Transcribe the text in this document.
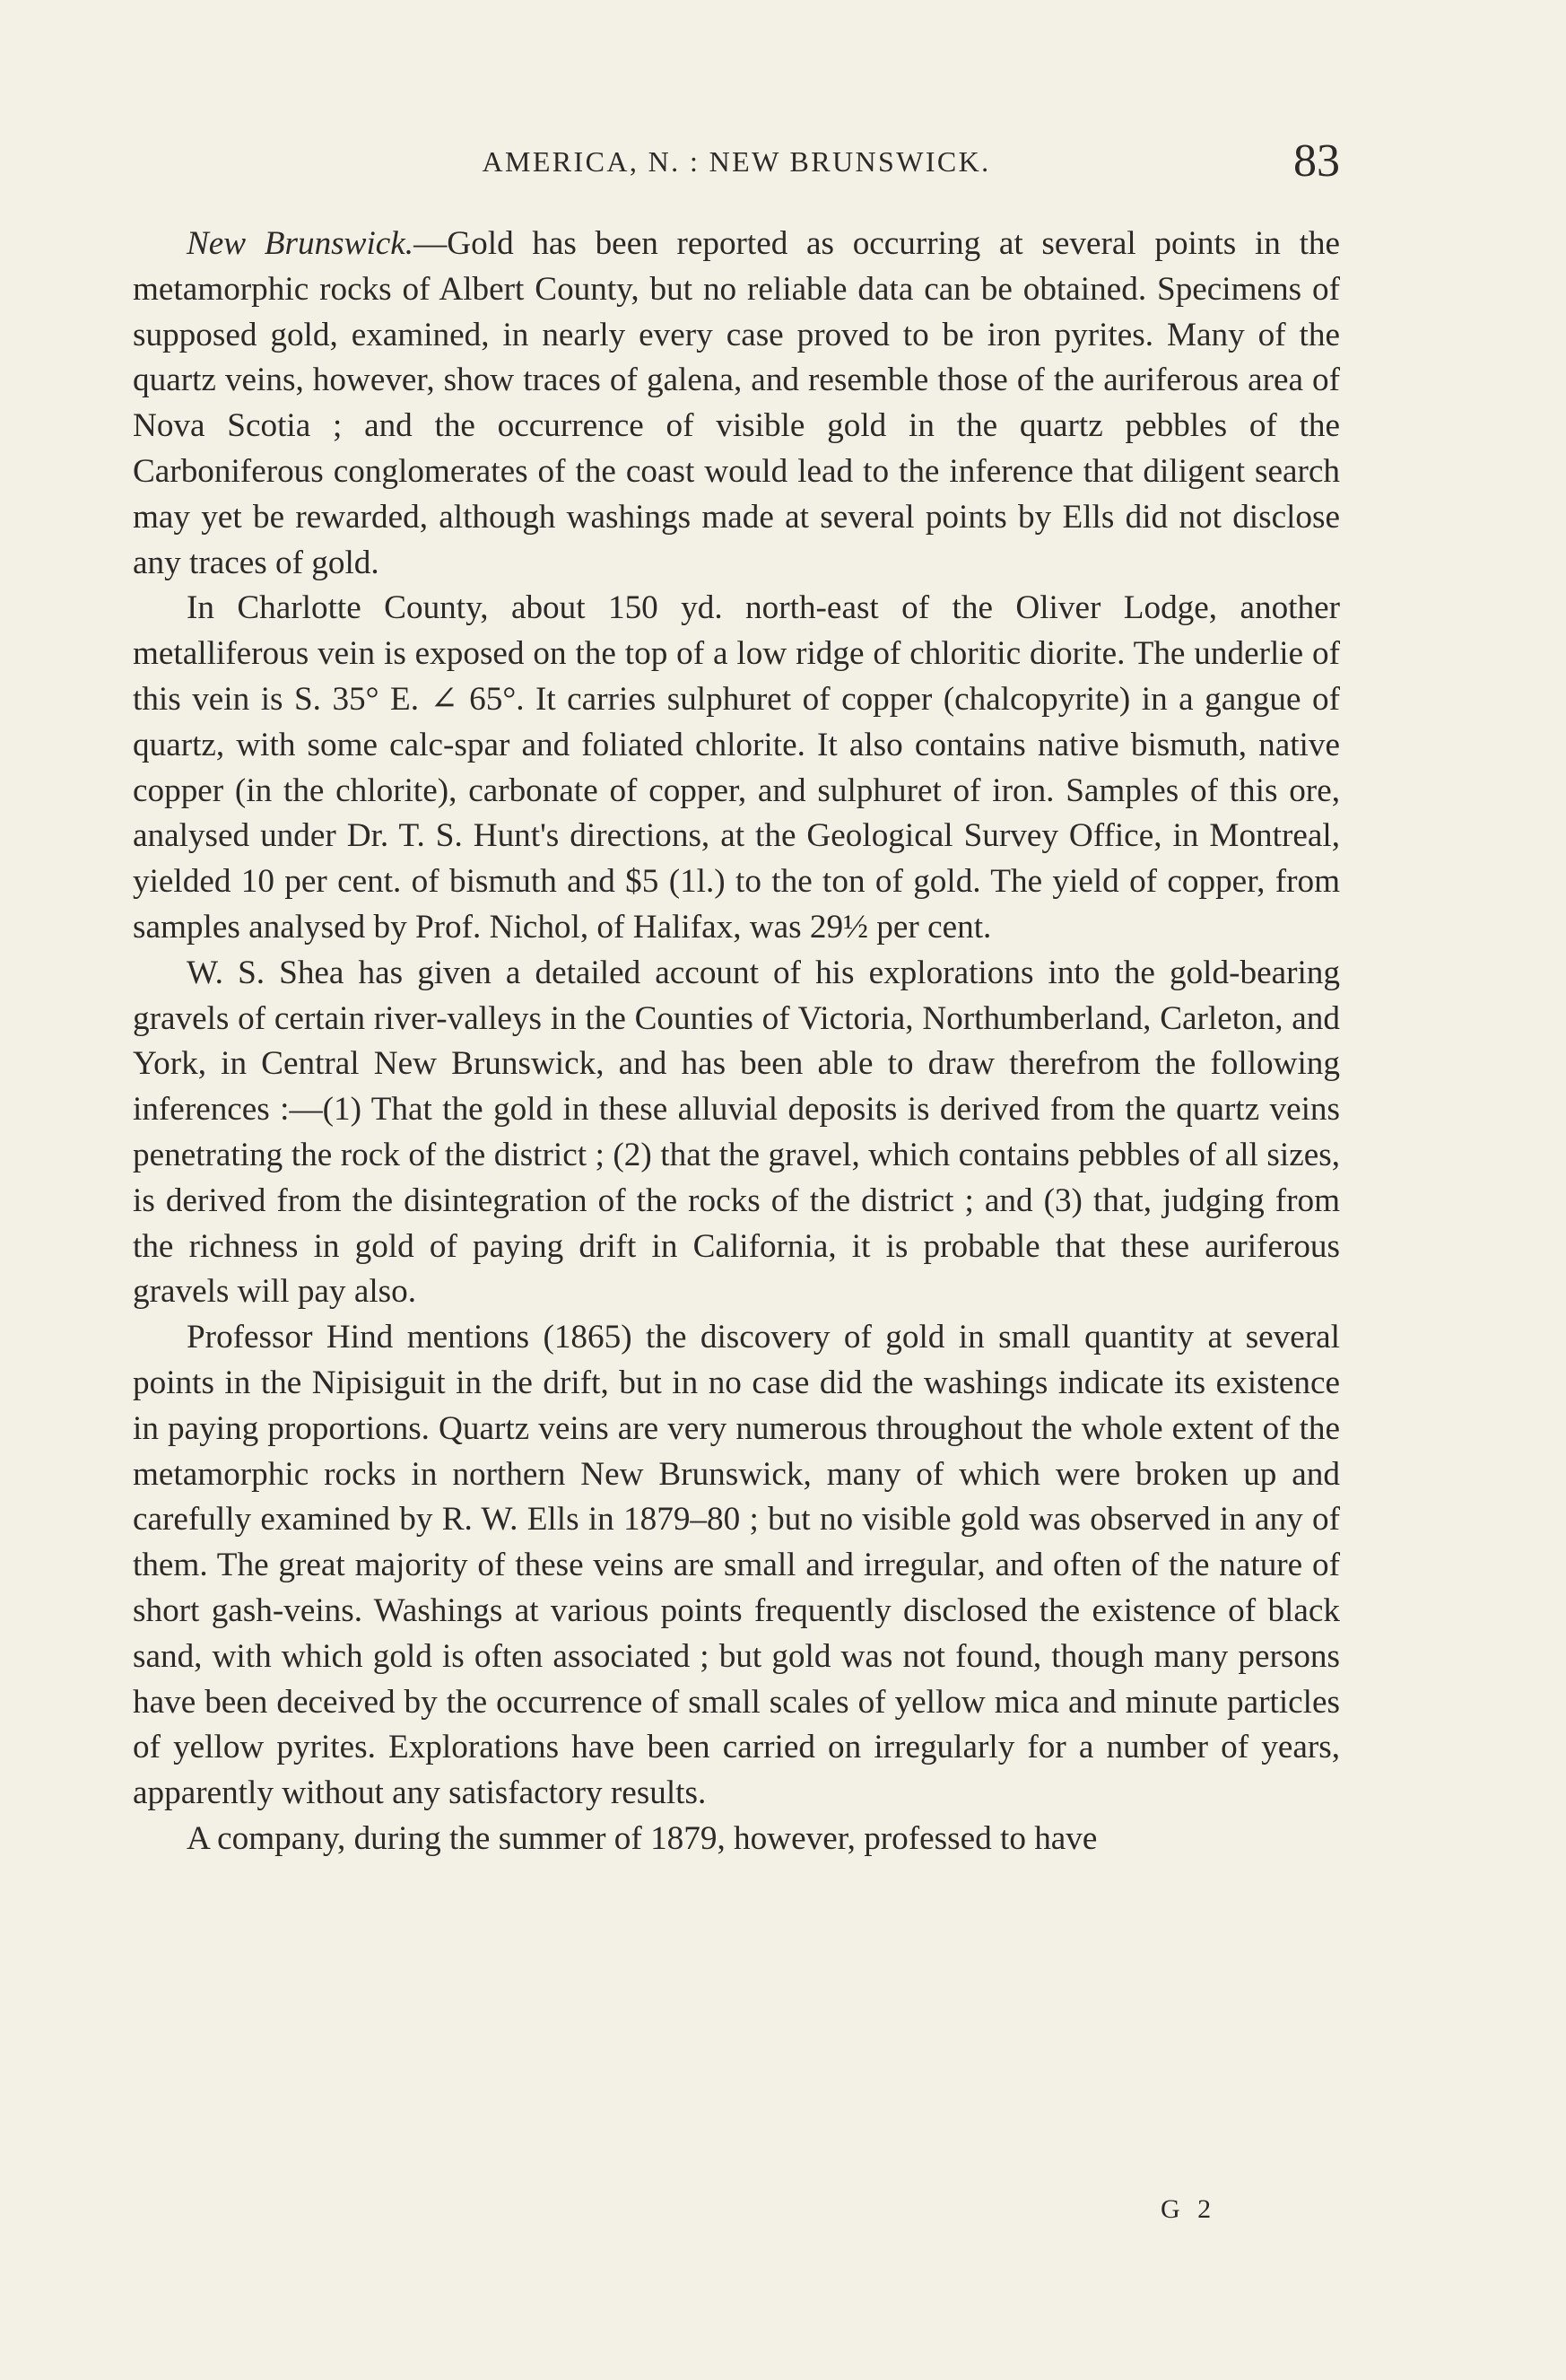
AMERICA, N. : NEW BRUNSWICK.	83

New Brunswick.—Gold has been reported as occurring at several points in the metamorphic rocks of Albert County, but no reliable data can be obtained. Specimens of supposed gold, examined, in nearly every case proved to be iron pyrites. Many of the quartz veins, however, show traces of galena, and resemble those of the auriferous area of Nova Scotia ; and the occurrence of visible gold in the quartz pebbles of the Carboniferous conglomerates of the coast would lead to the inference that diligent search may yet be rewarded, although washings made at several points by Ells did not disclose any traces of gold.

In Charlotte County, about 150 yd. north-east of the Oliver Lodge, another metalliferous vein is exposed on the top of a low ridge of chloritic diorite. The underlie of this vein is S. 35° E. ∠ 65°. It carries sulphuret of copper (chalcopyrite) in a gangue of quartz, with some calc-spar and foliated chlorite. It also contains native bismuth, native copper (in the chlorite), carbonate of copper, and sulphuret of iron. Samples of this ore, analysed under Dr. T. S. Hunt's directions, at the Geological Survey Office, in Montreal, yielded 10 per cent. of bismuth and $5 (1l.) to the ton of gold. The yield of copper, from samples analysed by Prof. Nichol, of Halifax, was 29½ per cent.

W. S. Shea has given a detailed account of his explorations into the gold-bearing gravels of certain river-valleys in the Counties of Victoria, Northumberland, Carleton, and York, in Central New Brunswick, and has been able to draw therefrom the following inferences :—(1) That the gold in these alluvial deposits is derived from the quartz veins penetrating the rock of the district ; (2) that the gravel, which contains pebbles of all sizes, is derived from the disintegration of the rocks of the district ; and (3) that, judging from the richness in gold of paying drift in California, it is probable that these auriferous gravels will pay also.

Professor Hind mentions (1865) the discovery of gold in small quantity at several points in the Nipisiguit in the drift, but in no case did the washings indicate its existence in paying proportions. Quartz veins are very numerous throughout the whole extent of the metamorphic rocks in northern New Brunswick, many of which were broken up and carefully examined by R. W. Ells in 1879–80 ; but no visible gold was observed in any of them. The great majority of these veins are small and irregular, and often of the nature of short gash-veins. Washings at various points frequently disclosed the existence of black sand, with which gold is often associated ; but gold was not found, though many persons have been deceived by the occurrence of small scales of yellow mica and minute particles of yellow pyrites. Explorations have been carried on irregularly for a number of years, apparently without any satisfactory results.

A company, during the summer of 1879, however, professed to have

G 2
